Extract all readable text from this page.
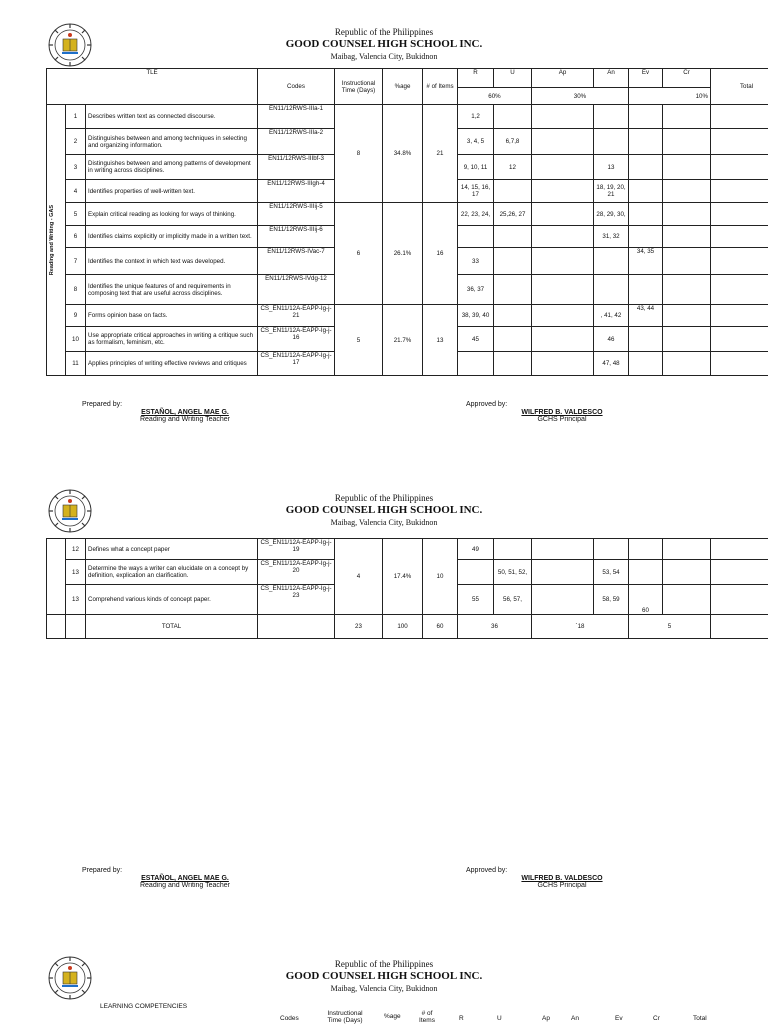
Republic of the Philippines
GOOD COUNSEL HIGH SCHOOL INC.
Maibag, Valencia City, Bukidnon
TLE			Codes	Instructional Time (Days)	%age	# of Items	R	U	Ap	An	Ev	Cr	Total
							60%		30%		10%		

Reading and Writing - GAS	1	Describes written text as connected discourse.	EN11/12RWS-IIIa-1	8	34.8%	21	1,2						
	2	Distinguishes between and among techniques in selecting and organizing information.	EN11/12RWS-IIIa-2				3, 4, 5	6,7,8					
	3	Distinguishes between and among patterns of development in writing across disciplines.	EN11/12RWS-IIIbf-3				9, 10, 11	12		13			
	4	Identifies properties of well-written text.	EN11/12RWS-IIIgh-4				14, 15, 16, 17			18, 19, 20, 21			
	5	Explain critical reading as looking for ways of thinking.	EN11/12RWS-IIIij-5	6	26.1%	16	22, 23, 24,	25,26, 27		28, 29, 30,			
	6	Identifies claims explicitly or implicitly made in a written text.	EN11/12RWS-IIIij-6							31, 32			
	7	Identifies the context in which text was developed.	EN11/12RWS-IVac-7				33				34, 35		
	8	Identifies the unique features of and requirements in composing text that are useful across disciplines.	EN11/12RWS-IVdg-12				36, 37						
	9	Forms opinion base on facts.	CS_EN11/12A-EAPP-Ig-j-21	5	21.7%	13	38, 39, 40			, 41, 42	43, 44		
	10	Use appropriate critical approaches in writing a critique such as formalism, feminism, etc.	CS_EN11/12A-EAPP-Ig-j-16				45			46			
	11	Applies principles of writing effective reviews and critiques	CS_EN11/12A-EAPP-Ig-j-17							47, 48			
Prepared by:
ESTAÑOL, ANGEL MAE G.
Reading and Writing Teacher
Approved by:
WILFRED B. VALDESCO
GCHS Principal
Republic of the Philippines
GOOD COUNSEL HIGH SCHOOL INC.
Maibag, Valencia City, Bukidnon
	12	Defines what a concept paper	CS_EN11/12A-EAPP-Ig-j-19	4	17.4%	10	49						
	13	Determine the ways a writer can elucidate on a concept by definition, explication an clarification.	CS_EN11/12A-EAPP-Ig-j-20					50, 51, 52,		53, 54			
	13	Comprehend various kinds of concept paper.	CS_EN11/12A-EAPP-Ig-j-23				55	56, 57,		58, 59	60		
		TOTAL		23	100	60	36		`18		5		
Prepared by:
ESTAÑOL, ANGEL MAE G.
Reading and Writing Teacher
Approved by:
WILFRED B. VALDESCO
GCHS Principal
Republic of the Philippines
GOOD COUNSEL HIGH SCHOOL INC.
Maibag, Valencia City, Bukidnon
LEARNING COMPETENCIES
Codes
Instructional Time (Days)
%age	# of Items	R	U	Ap	An	Ev	Cr	Total
